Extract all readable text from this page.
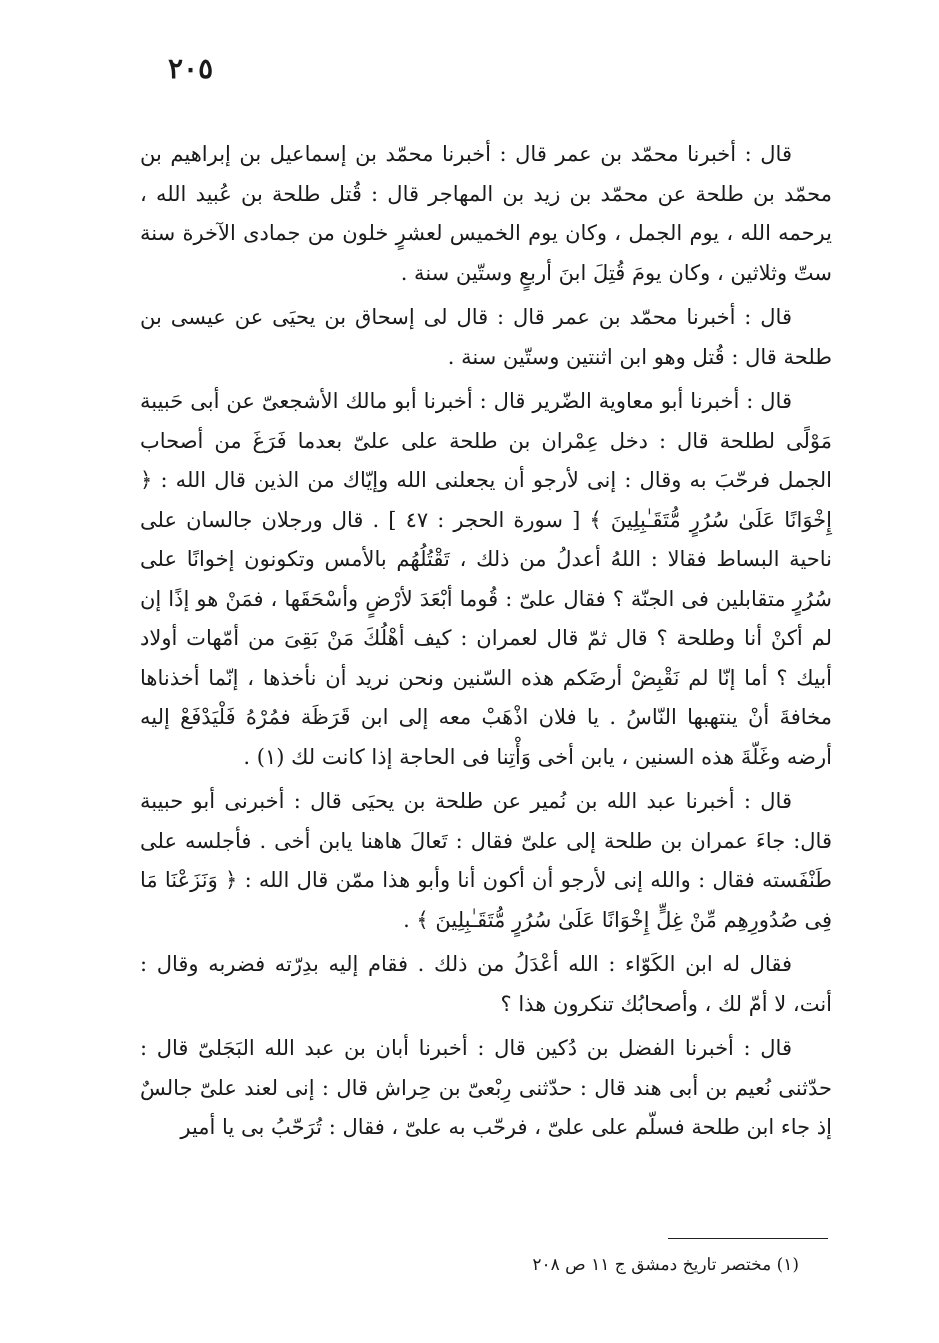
٢٠٥

قال : أخبرنا محمّد بن عمر قال : أخبرنا محمّد بن إسماعيل بن إبراهيم بن محمّد بن طلحة عن محمّد بن زيد بن المهاجر قال : قُتل طلحة بن عُبيد الله ، يرحمه الله ، يوم الجمل ، وكان يوم الخميس لعشرٍ خلون من جمادى الآخرة سنة ستّ وثلاثين ، وكان يومَ قُتِلَ ابنَ أربعٍ وستّين سنة .

قال : أخبرنا محمّد بن عمر قال : قال لى إسحاق بن يحيَى عن عيسى بن طلحة قال : قُتل وهو ابن اثنتين وستّين سنة .

قال : أخبرنا أبو معاوية الضّرير قال : أخبرنا أبو مالك الأشجعىّ عن أبى حَبيبة مَوْلًى لطلحة قال : دخل عِمْران بن طلحة على علىّ بعدما فَرَغَ من أصحاب الجمل فرحّبَ به وقال : إنى لأرجو أن يجعلنى الله وإيّاك من الذين قال الله : ﴿ إِخْوَانًا عَلَىٰ سُرُرٍ مُّتَقَـٰبِلِينَ ﴾ [ سورة الحجر : ٤٧ ] . قال ورجلان جالسان على ناحية البساط فقالا : اللهُ أعدلُ من ذلك ، تَقْتُلُهُم بالأمس وتكونون إخوانًا على سُرُرٍ متقابلين فى الجنّة ؟ فقال علىّ : قُوما أبْعَدَ لأرْضٍ وأسْحَقَها ، فمَنْ هو إذًا إن لم أكنْ أنا وطلحة ؟ قال ثمّ قال لعمران : كيف أهْلُكَ مَنْ بَقِىَ من أمّهات أولاد أبيك ؟ أما إنّا لم نَقْبِضْ أرضَكم هذه السّنين ونحن نريد أن نأخذها ، إنّما أخذناها مخافةَ أنْ ينتهبها النّاسُ . يا فلان اذْهَبْ معه إلى ابن قَرَظَة فمُرْهُ فَلْيَدْفَعْ إليه أرضه وغَلّةَ هذه السنين ، يابن أخى وَأْتِنا فى الحاجة إذا كانت لك (١) .

قال : أخبرنا عبد الله بن نُمير عن طلحة بن يحيَى قال : أخبرنى أبو حبيبة قال: جاءَ عمران بن طلحة إلى علىّ فقال : تَعالَ هاهنا يابن أخى . فأجلسه على طَنْفَسته فقال : والله إنى لأرجو أن أكون أنا وأبو هذا ممّن قال الله : ﴿ وَنَزَعْنَا مَا فِى صُدُورِهِم مِّنْ غِلٍّ إِخْوَانًا عَلَىٰ سُرُرٍ مُّتَقَـٰبِلِينَ ﴾ .

فقال له ابن الكَوّاء : الله أعْدَلُ من ذلك . فقام إليه بدِرّته فضربه وقال : أنت، لا أمّ لك ، وأصحابُك تنكرون هذا ؟

قال : أخبرنا الفضل بن دُكين قال : أخبرنا أبان بن عبد الله البَجَلىّ قال : حدّثنى نُعيم بن أبى هند قال : حدّثنى رِبْعىّ بن حِراش قال : إنى لعند علىّ جالسٌ إذ جاء ابن طلحة فسلّم على علىّ ، فرحّب به علىّ ، فقال : تُرَحّبُ بى يا أمير

(١) مختصر تاريخ دمشق ج ١١ ص ٢٠٨
